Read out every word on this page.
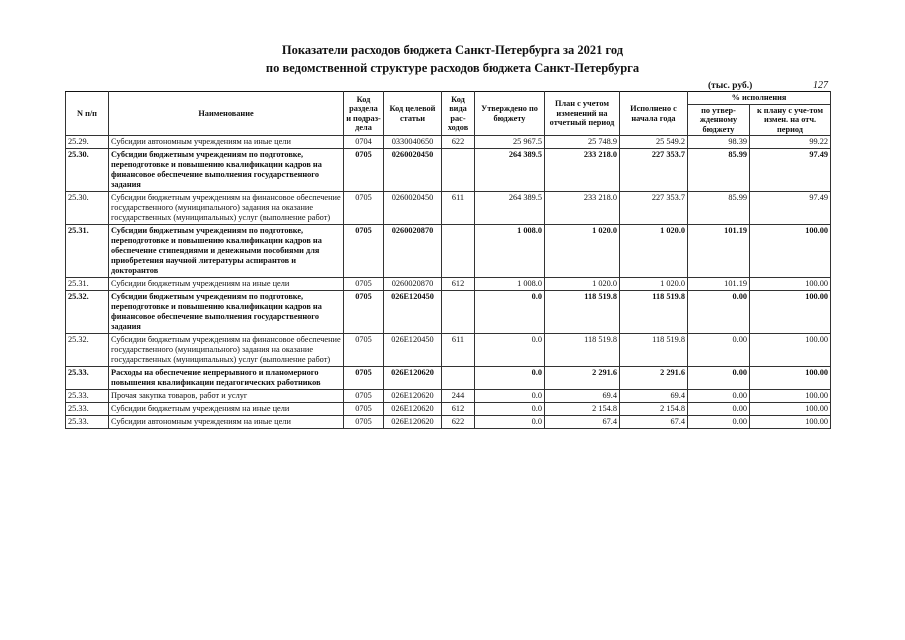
Показатели расходов бюджета Санкт-Петербурга за 2021 год
по ведомственной структуре расходов бюджета Санкт-Петербурга
(тыс. руб.)	127
N п/п	Наименование	Код раздела и подраз-дела	Код целевой статьи	Код вида рас-ходов	Утверждено по бюджету	План с учетом изменений на отчетный период	Исполнено с начала года	% исполнения	
								по утвер-жденному бюджету	к плану с уче-том измен. на отч. период
25.29.	Субсидии автономным учреждениям на иные цели	0704	0330040650	622	25 967.5	25 748.9	25 549.2	98.39	99.22
25.30.	Субсидии бюджетным учреждениям по подготовке, переподготовке и повышению квалификации кадров на финансовое обеспечение выполнения государственного задания	0705	0260020450		264 389.5	233 218.0	227 353.7	85.99	97.49
25.30.	Субсидии бюджетным учреждениям на финансовое обеспечение государственного (муниципального) задания на оказание государственных (муниципальных) услуг (выполнение работ)	0705	0260020450	611	264 389.5	233 218.0	227 353.7	85.99	97.49
25.31.	Субсидии бюджетным учреждениям по подготовке, переподготовке и повышению квалификации кадров на обеспечение стипендиями и денежными пособиями для приобретения научной литературы аспирантов и докторантов	0705	0260020870		1 008.0	1 020.0	1 020.0	101.19	100.00
25.31.	Субсидии бюджетным учреждениям на иные цели	0705	0260020870	612	1 008.0	1 020.0	1 020.0	101.19	100.00
25.32.	Субсидии бюджетным учреждениям по подготовке, переподготовке и повышению квалификации кадров на финансовое обеспечение выполнения государственного задания	0705	026E120450		0.0	118 519.8	118 519.8	0.00	100.00
25.32.	Субсидии бюджетным учреждениям на финансовое обеспечение государственного (муниципального) задания на оказание государственных (муниципальных) услуг (выполнение работ)	0705	026E120450	611	0.0	118 519.8	118 519.8	0.00	100.00
25.33.	Расходы на обеспечение непрерывного и планомерного повышения квалификации педагогических работников	0705	026E120620		0.0	2 291.6	2 291.6	0.00	100.00
25.33.	Прочая закупка товаров, работ и услуг	0705	026E120620	244	0.0	69.4	69.4	0.00	100.00
25.33.	Субсидии бюджетным учреждениям на иные цели	0705	026E120620	612	0.0	2 154.8	2 154.8	0.00	100.00
25.33.	Субсидии автономным учреждениям на иные цели	0705	026E120620	622	0.0	67.4	67.4	0.00	100.00
